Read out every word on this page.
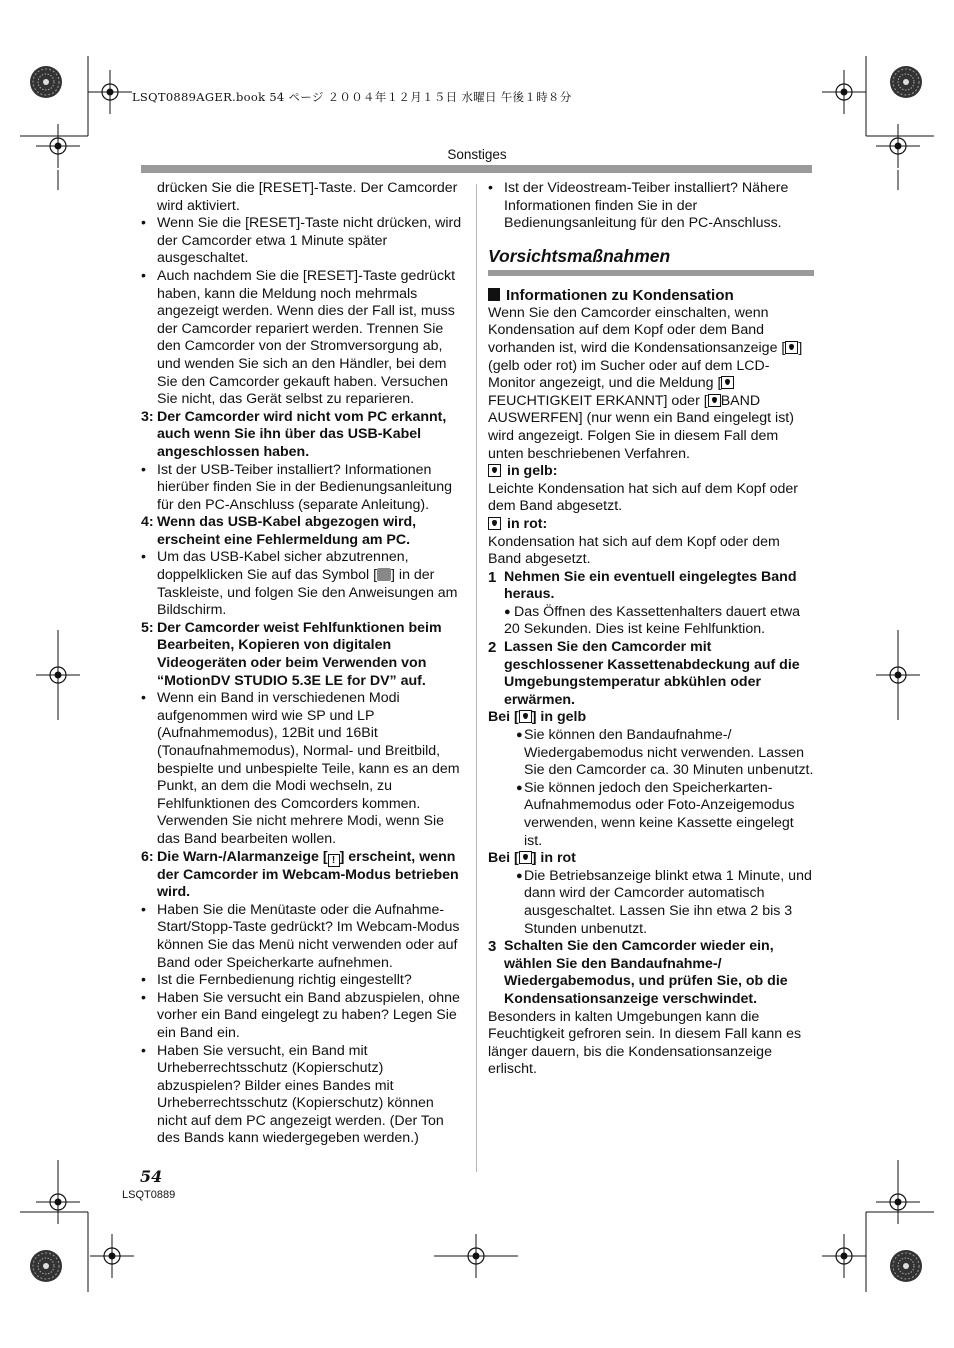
LSQT0889AGER.book 54 ページ ２００４年１２月１５日 水曜日 午後１時８分
Sonstiges

drücken Sie die [RESET]-Taste. Der Camcorder wird aktiviert.

• Wenn Sie die [RESET]-Taste nicht drücken, wird der Camcorder etwa 1 Minute später ausgeschaltet.

• Auch nachdem Sie die [RESET]-Taste gedrückt haben, kann die Meldung noch mehrmals angezeigt werden. Wenn dies der Fall ist, muss der Camcorder repariert werden. Trennen Sie den Camcorder von der Stromversorgung ab, und wenden Sie sich an den Händler, bei dem Sie den Camcorder gekauft haben. Versuchen Sie nicht, das Gerät selbst zu reparieren.

3: Der Camcorder wird nicht vom PC erkannt, auch wenn Sie ihn über das USB-Kabel angeschlossen haben.

• Ist der USB-Teiber installiert? Informationen hierüber finden Sie in der Bedienungsanleitung für den PC-Anschluss (separate Anleitung).

4: Wenn das USB-Kabel abgezogen wird, erscheint eine Fehlermeldung am PC.

• Um das USB-Kabel sicher abzutrennen, doppelklicken Sie auf das Symbol [ ] in der Taskleiste, und folgen Sie den Anweisungen am Bildschirm.

5: Der Camcorder weist Fehlfunktionen beim Bearbeiten, Kopieren von digitalen Videogeräten oder beim Verwenden von “MotionDV STUDIO 5.3E LE for DV” auf.

• Wenn ein Band in verschiedenen Modi aufgenommen wird wie SP und LP (Aufnahmemodus), 12Bit und 16Bit (Tonaufnahmemodus), Normal- und Breitbild, bespielte und unbespielte Teile, kann es an dem Punkt, an dem die Modi wechseln, zu Fehlfunktionen des Comcorders kommen. Verwenden Sie nicht mehrere Modi, wenn Sie das Band bearbeiten wollen.

6: Die Warn-/Alarmanzeige [ ! ] erscheint, wenn der Camcorder im Webcam-Modus betrieben wird.

• Haben Sie die Menütaste oder die Aufnahme-Start/Stopp-Taste gedrückt? Im Webcam-Modus können Sie das Menü nicht verwenden oder auf Band oder Speicherkarte aufnehmen.

• Ist die Fernbedienung richtig eingestellt?

• Haben Sie versucht ein Band abzuspielen, ohne vorher ein Band eingelegt zu haben? Legen Sie ein Band ein.

• Haben Sie versucht, ein Band mit Urheberrechtsschutz (Kopierschutz) abzuspielen? Bilder eines Bandes mit Urheberrechtsschutz (Kopierschutz) können nicht auf dem PC angezeigt werden. (Der Ton des Bands kann wiedergegeben werden.)

• Ist der Videostream-Teiber installiert? Nähere Informationen finden Sie in der Bedienungsanleitung für den PC-Anschluss.

Vorsichtsmaßnahmen
Informationen zu Kondensation

Wenn Sie den Camcorder einschalten, wenn Kondensation auf dem Kopf oder dem Band vorhanden ist, wird die Kondensationsanzeige [ ] (gelb oder rot) im Sucher oder auf dem LCD-Monitor angezeigt, und die Meldung [
FEUCHTIGKEIT ERKANNT] oder [ BAND AUSWERFEN] (nur wenn ein Band eingelegt ist) wird angezeigt. Folgen Sie in diesem Fall dem unten beschriebenen Verfahren.

in gelb:

Leichte Kondensation hat sich auf dem Kopf oder dem Band abgesetzt.

in rot:

Kondensation hat sich auf dem Kopf oder dem Band abgesetzt.

1 Nehmen Sie ein eventuell eingelegtes Band heraus.

● Das Öffnen des Kassettenhalters dauert etwa 20 Sekunden. Dies ist keine Fehlfunktion.

2 Lassen Sie den Camcorder mit geschlossener Kassettenabdeckung auf die Umgebungstemperatur abkühlen oder erwärmen.

Bei [ ] in gelb

● Sie können den Bandaufnahme-/ Wiedergabemodus nicht verwenden. Lassen Sie den Camcorder ca. 30 Minuten unbenutzt.

● Sie können jedoch den Speicherkarten-Aufnahmemodus oder Foto-Anzeigemodus verwenden, wenn keine Kassette eingelegt ist.

Bei [ ] in rot

● Die Betriebsanzeige blinkt etwa 1 Minute, und dann wird der Camcorder automatisch ausgeschaltet. Lassen Sie ihn etwa 2 bis 3 Stunden unbenutzt.

3 Schalten Sie den Camcorder wieder ein, wählen Sie den Bandaufnahme-/ Wiedergabemodus, und prüfen Sie, ob die Kondensationsanzeige verschwindet.

Besonders in kalten Umgebungen kann die Feuchtigkeit gefroren sein. In diesem Fall kann es länger dauern, bis die Kondensationsanzeige erlischt.

54
LSQT0889
